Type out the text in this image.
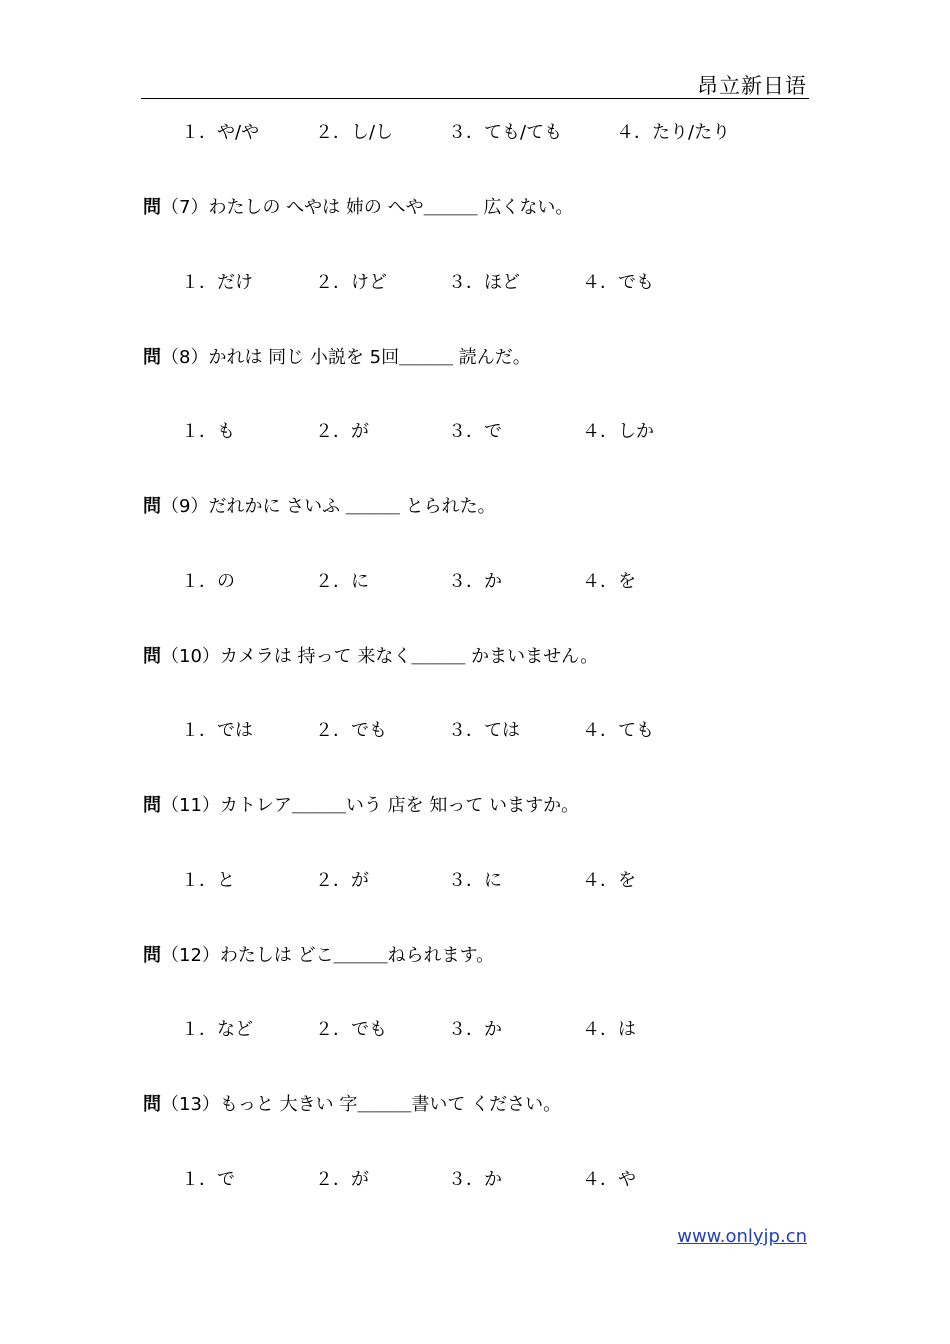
昂立新日语
１．や/や	２．し/し	３．ても/ても	４．たり/たり
問（7）わたしの へやは 姉の へや＿＿＿ 広くない。
１．だけ	２．けど	３．ほど	４．でも
問（8）かれは 同じ 小説を 5回＿＿＿ 読んだ。
１．も	２．が	３．で	４．しか
問（9）だれかに さいふ ＿＿＿ とられた。
１．の	２．に	３．か	４．を
問（10）カメラは 持って 来なく＿＿＿ かまいません。
１．では	２．でも	３．ては	４．ても
問（11）カトレア＿＿＿いう 店を 知って いますか。
１．と	２．が	３．に	４．を
問（12）わたしは どこ＿＿＿ねられます。
１．など	２．でも	３．か	４．は
問（13）もっと 大きい 字＿＿＿書いて ください。
１．で	２．が	３．か	４．や
www.onlyjp.cn
